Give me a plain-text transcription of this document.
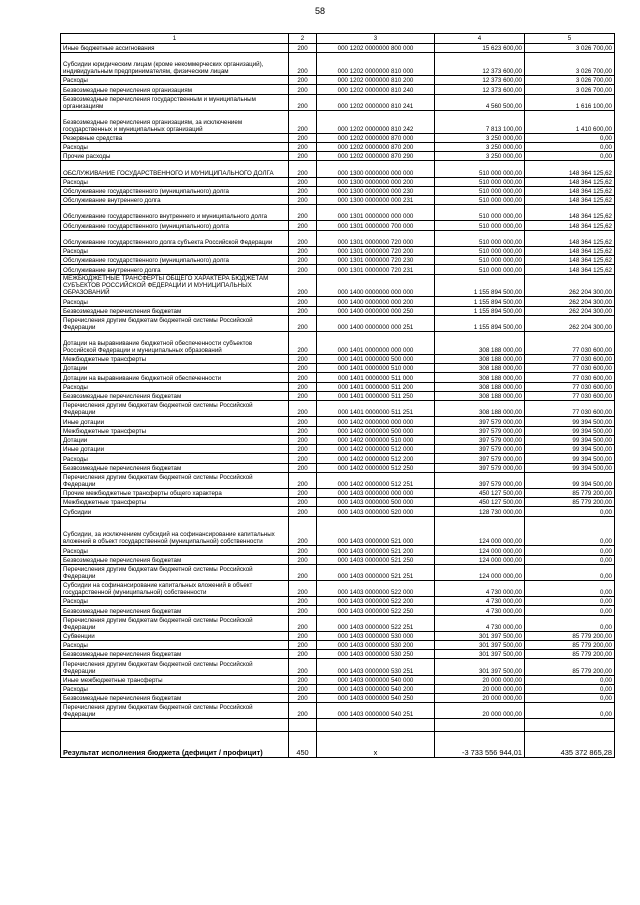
58
1	2	3	4	5
Иные бюджетные ассигнования	200	000 1202 0000000 800 000	15 623 600,00	3 026 700,00
Субсидии юридическим лицам (кроме некоммерческих организаций), индивидуальным предпринимателям, физическим лицам	200	000 1202 0000000 810 000	12 373 600,00	3 026 700,00
Расходы	200	000 1202 0000000 810 200	12 373 600,00	3 026 700,00
Безвозмездные перечисления организациям	200	000 1202 0000000 810 240	12 373 600,00	3 026 700,00
Безвозмездные перечисления государственным и муниципальным организациям	200	000 1202 0000000 810 241	4 560 500,00	1 616 100,00
Безвозмездные перечисления организациям, за исключением государственных и муниципальных организаций	200	000 1202 0000000 810 242	7 813 100,00	1 410 600,00
Резервные средства	200	000 1202 0000000 870 000	3 250 000,00	0,00
Расходы	200	000 1202 0000000 870 200	3 250 000,00	0,00
Прочие расходы	200	000 1202 0000000 870 290	3 250 000,00	0,00
ОБСЛУЖИВАНИЕ ГОСУДАРСТВЕННОГО И МУНИЦИПАЛЬНОГО ДОЛГА	200	000 1300 0000000 000 000	510 000 000,00	148 364 125,62
Расходы	200	000 1300 0000000 000 200	510 000 000,00	148 364 125,62
Обслуживание государственного (муниципального) долга	200	000 1300 0000000 000 230	510 000 000,00	148 364 125,62
Обслуживание внутреннего долга	200	000 1300 0000000 000 231	510 000 000,00	148 364 125,62
Обслуживание государственного внутреннего и муниципального долга	200	000 1301 0000000 000 000	510 000 000,00	148 364 125,62
Обслуживание государственного (муниципального) долга	200	000 1301 0000000 700 000	510 000 000,00	148 364 125,62
Обслуживание государственного долга субъекта Российской Федерации	200	000 1301 0000000 720 000	510 000 000,00	148 364 125,62
Расходы	200	000 1301 0000000 720 200	510 000 000,00	148 364 125,62
Обслуживание государственного (муниципального) долга	200	000 1301 0000000 720 230	510 000 000,00	148 364 125,62
Обслуживание внутреннего долга	200	000 1301 0000000 720 231	510 000 000,00	148 364 125,62
МЕЖБЮДЖЕТНЫЕ ТРАНСФЕРТЫ ОБЩЕГО ХАРАКТЕРА БЮДЖЕТАМ СУБЪЕКТОВ РОССИЙСКОЙ ФЕДЕРАЦИИ И МУНИЦИПАЛЬНЫХ ОБРАЗОВАНИЙ	200	000 1400 0000000 000 000	1 155 894 500,00	262 204 300,00
Расходы	200	000 1400 0000000 000 200	1 155 894 500,00	262 204 300,00
Безвозмездные перечисления бюджетам	200	000 1400 0000000 000 250	1 155 894 500,00	262 204 300,00
Перечисления другим бюджетам бюджетной системы Российской Федерации	200	000 1400 0000000 000 251	1 155 894 500,00	262 204 300,00
Дотации на выравнивание бюджетной обеспеченности субъектов Российской Федерации и муниципальных образований	200	000 1401 0000000 000 000	308 188 000,00	77 030 600,00
Межбюджетные трансферты	200	000 1401 0000000 500 000	308 188 000,00	77 030 600,00
Дотации	200	000 1401 0000000 510 000	308 188 000,00	77 030 600,00
Дотации на выравнивание бюджетной обеспеченности	200	000 1401 0000000 511 000	308 188 000,00	77 030 600,00
Расходы	200	000 1401 0000000 511 200	308 188 000,00	77 030 600,00
Безвозмездные перечисления бюджетам	200	000 1401 0000000 511 250	308 188 000,00	77 030 600,00
Перечисления другим бюджетам бюджетной системы Российской Федерации	200	000 1401 0000000 511 251	308 188 000,00	77 030 600,00
Иные дотации	200	000 1402 0000000 000 000	397 579 000,00	99 394 500,00
Межбюджетные трансферты	200	000 1402 0000000 500 000	397 579 000,00	99 394 500,00
Дотации	200	000 1402 0000000 510 000	397 579 000,00	99 394 500,00
Иные дотации	200	000 1402 0000000 512 000	397 579 000,00	99 394 500,00
Расходы	200	000 1402 0000000 512 200	397 579 000,00	99 394 500,00
Безвозмездные перечисления бюджетам	200	000 1402 0000000 512 250	397 579 000,00	99 394 500,00
Перечисления другим бюджетам бюджетной системы Российской Федерации	200	000 1402 0000000 512 251	397 579 000,00	99 394 500,00
Прочие межбюджетные трансферты общего характера	200	000 1403 0000000 000 000	450 127 500,00	85 779 200,00
Межбюджетные трансферты	200	000 1403 0000000 500 000	450 127 500,00	85 779 200,00
Субсидии	200	000 1403 0000000 520 000	128 730 000,00	0,00
Субсидии, за исключением субсидий на софинансирование капитальных вложений в объект государственной (муниципальной) собственности	200	000 1403 0000000 521 000	124 000 000,00	0,00
Расходы	200	000 1403 0000000 521 200	124 000 000,00	0,00
Безвозмездные перечисления бюджетам	200	000 1403 0000000 521 250	124 000 000,00	0,00
Перечисления другим бюджетам бюджетной системы Российской Федерации	200	000 1403 0000000 521 251	124 000 000,00	0,00
Субсидии на софинансирование капитальных вложений в объект государственной (муниципальной) собственности	200	000 1403 0000000 522 000	4 730 000,00	0,00
Расходы	200	000 1403 0000000 522 200	4 730 000,00	0,00
Безвозмездные перечисления бюджетам	200	000 1403 0000000 522 250	4 730 000,00	0,00
Перечисления другим бюджетам бюджетной системы Российской Федерации	200	000 1403 0000000 522 251	4 730 000,00	0,00
Субвенции	200	000 1403 0000000 530 000	301 397 500,00	85 779 200,00
Расходы	200	000 1403 0000000 530 200	301 397 500,00	85 779 200,00
Безвозмездные перечисления бюджетам	200	000 1403 0000000 530 250	301 397 500,00	85 779 200,00
Перечисления другим бюджетам бюджетной системы Российской Федерации	200	000 1403 0000000 530 251	301 397 500,00	85 779 200,00
Иные межбюджетные трансферты	200	000 1403 0000000 540 000	20 000 000,00	0,00
Расходы	200	000 1403 0000000 540 200	20 000 000,00	0,00
Безвозмездные перечисления бюджетам	200	000 1403 0000000 540 250	20 000 000,00	0,00
Перечисления другим бюджетам бюджетной системы Российской Федерации	200	000 1403 0000000 540 251	20 000 000,00	0,00

Результат исполнения бюджета (дефицит / профицит)	450	x	-3 733 556 944,01	435 372 865,28
